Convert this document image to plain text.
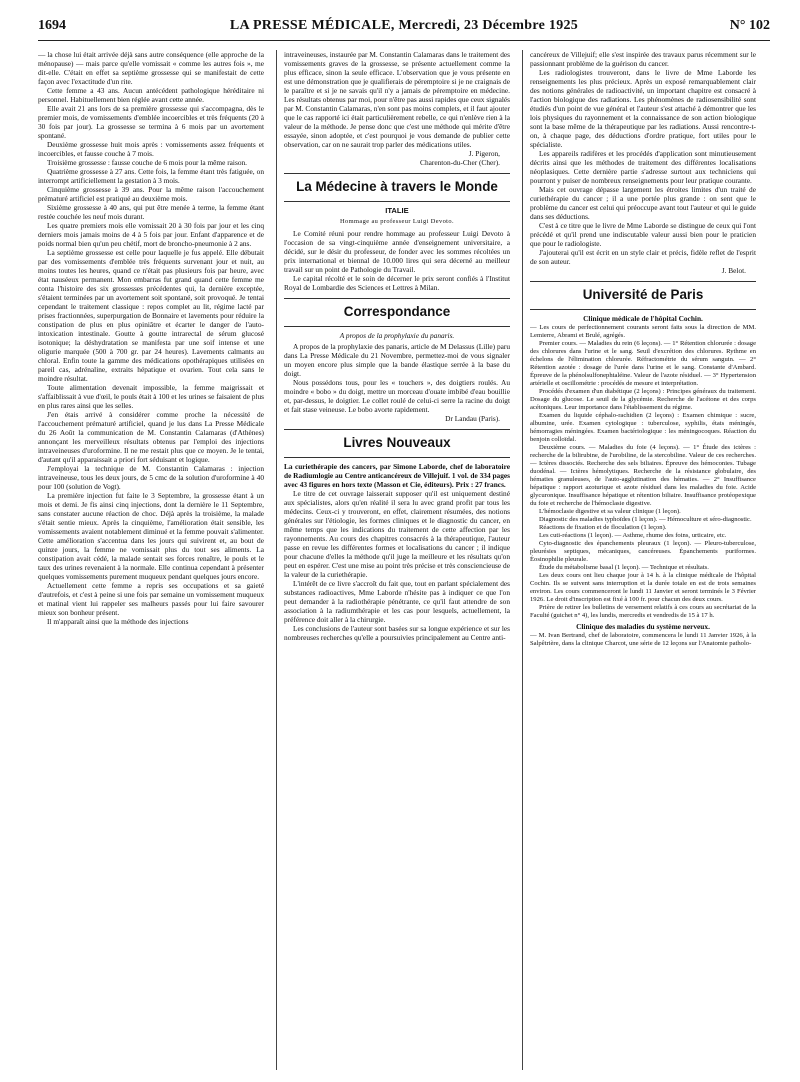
1694	LA PRESSE MÉDICALE, Mercredi, 23 Décembre 1925	N° 102

— la chose lui était arrivée déjà sans autre conséquence (elle approche de la ménopause) — mais parce qu'elle vomissait « comme les autres fois », me dit-elle. C'était en effet sa septième grossesse qui se manifestait de cette façon avec l'exactitude d'un rite.

Cette femme a 43 ans. Aucun antécédent pathologique héréditaire ni personnel. Habituellement bien réglée avant cette année.

Elle avait 21 ans lors de sa première grossesse qui s'accompagna, dès le premier mois, de vomissements d'emblée incoercibles et très fréquents (20 à 30 fois par jour). La grossesse se termina à 6 mois par un avortement spontané.

Deuxième grossesse huit mois après : vomissements assez fréquents et incoercibles, et fausse couche à 7 mois.

Troisième grossesse : fausse couche de 6 mois pour la même raison.

Quatrième grossesse à 27 ans. Cette fois, la femme étant très fatiguée, on interrompt artificiellement la gestation à 3 mois.

Cinquième grossesse à 39 ans. Pour la même raison l'accouchement prématuré artificiel est pratiqué au deuxième mois.

Sixième grossesse à 40 ans, qui put être menée à terme, la femme étant restée couchée les neuf mois durant.

Les quatre premiers mois elle vomissait 20 à 30 fois par jour et les cinq derniers mois jamais moins de 4 à 5 fois par jour. Enfant d'apparence et de poids normal bien qu'un peu chétif, mort de broncho-pneumonie à 2 ans.

La septième grossesse est celle pour laquelle je fus appelé. Elle débutait par des vomissements d'emblée très fréquents survenant jour et nuit, au moins toutes les heures, quand ce n'était pas plusieurs fois par heure, avec état nauséeux permanent. Mon embarras fut grand quand cette femme me conta l'histoire des six grossesses précédentes qui, la dernière exceptée, s'étaient terminées par un avortement soit spontané, soit provoqué. Je tentai cependant le traitement classique : repos complet au lit, régime lacté par prises fractionnées, superpurgation de Bonnaire et lavements pour réduire la constipation de plus en plus opiniâtre et écarter le danger de l'auto-intoxication intestinale. Goutte à goutte intrarectal de sérum glucosé isotonique; la déshydratation se manifesta par une soif intense et une oligurie marquée (500 à 700 gr. par 24 heures). Lavements calmants au chloral. Enfin toute la gamme des médications opothérapiques utilisées en pareil cas, adrénaline, extraits hépatique et ovarien. Tout cela sans le moindre résultat.

Toute alimentation devenait impossible, la femme maigrissait et s'affaiblissait à vue d'œil, le pouls était à 100 et les urines se faisaient de plus en plus rares ainsi que les selles.

J'en étais arrivé à considérer comme proche la nécessité de l'accouchement prématuré artificiel, quand je lus dans La Presse Médicale du 26 Août la communication de M. Constantin Calamaras (d'Athènes) annonçant les merveilleux résultats obtenus par l'emploi des injections intraveineuses d'uroformine. Il ne me restait plus que ce moyen. Je le tentai, d'autant qu'il apparaissait a priori fort séduisant et logique.

J'employai la technique de M. Constantin Calamaras : injection intraveineuse, tous les deux jours, de 5 cmc de la solution d'uroformine à 40 pour 100 (solution de Vogt).

La première injection fut faite le 3 Septembre, la grossesse étant à un mois et demi. Je fis ainsi cinq injections, dont la dernière le 11 Septembre, sans constater aucune réaction de choc. Déjà après la troisième, la malade s'était sentie mieux. Après la cinquième, l'amélioration était sensible, les vomissements avaient notablement diminué et la femme pouvait s'alimenter. Cette amélioration s'accentua dans les jours qui suivirent et, au bout de quinze jours, la femme ne vomissait plus du tout ses aliments. La constipation avait cédé, la malade sentait ses forces renaître, le pouls et le taux des urines revenaient à la normale. Elle continua cependant à présenter quelques vomissements purement muqueux pendant quelques jours encore.

Actuellement cette femme a repris ses occupations et sa gaieté d'autrefois, et c'est à peine si une fois par semaine un vomissement muqueux et matinal vient lui rappeler ses malheurs passés pour lui faire savourer mieux son bonheur présent.

Il m'apparaît ainsi que la méthode des injections

intraveineuses, instaurée par M. Constantin Calamaras dans le traitement des vomissements graves de la grossesse, se présente actuellement comme la plus efficace, sinon la seule efficace. L'observation que je vous présente en est une démonstration que je qualifierais de péremptoire si je ne craignais de le paraître et si je ne savais qu'il n'y a jamais de péremptoire en médecine. Les résultats obtenus par moi, pour n'être pas aussi rapides que ceux signalés par M. Constantin Calamaras, n'en sont pas moins complets, et il faut ajouter que le cas rapporté ici était particulièrement rebelle, ce qui n'enlève rien à la valeur de la méthode. Je pense donc que c'est une méthode qui mérite d'être essayée, sinon adoptée, et c'est pourquoi je vous demande de publier cette observation, car on ne saurait trop parler des médications utiles.

J. Pigeron,

Charenton-du-Cher (Cher).

La Médecine à travers le Monde
ITALIE
Hommage au professeur Luigi Devoto.

Le Comité réuni pour rendre hommage au professeur Luigi Devoto à l'occasion de sa vingt-cinquième année d'enseignement universitaire, a décidé, sur le désir du professeur, de fonder avec les sommes récoltées un prix international et biennal de 10.000 lires qui sera décerné au meilleur travail sur un point de Pathologie du Travail.

Le capital récolté et le soin de décerner le prix seront confiés à l'Institut Royal de Lombardie des Sciences et Lettres à Milan.

Correspondance
A propos de la prophylaxie du panaris.

A propos de la prophylaxie des panaris, article de M Delassus (Lille) paru dans La Presse Médicale du 21 Novembre, permettez-moi de vous signaler un moyen encore plus simple que la bande élastique serrée à la base du doigt.

Nous possédons tous, pour les « touchers », des doigtiers roulés. Au moindre « bobo » du doigt, mettre un morceau d'ouate imbibé d'eau bouillie et, par-dessus, le doigtier. Le collet roulé de celui-ci serre la racine du doigt et fait stase veineuse. Le bobo avorte rapidement.

Dr Landau (Paris).

Livres Nouveaux

La curiethérapie des cancers, par Simone Laborde, chef de laboratoire de Radiumlogie au Centre anticancéreux de Villejuif. 1 vol. de 334 pages avec 43 figures en hors texte (Masson et Cie, éditeurs). Prix : 27 francs.

Le titre de cet ouvrage laisserait supposer qu'il est uniquement destiné aux spécialistes, alors qu'en réalité il sera lu avec grand profit par tous les médecins. Ceux-ci y trouveront, en effet, clairement résumées, des notions générales sur l'étiologie, les formes cliniques et le diagnostic du cancer, en même temps que les indications du traitement de cette affection par les rayonnements. Au cours des chapitres consacrés à la thérapeutique, l'auteur passe en revue les différentes formes et localisations du cancer ; il indique pour chacune d'elles la méthode qu'il juge la meilleure et les résultats qu'on peut en espérer. C'est une mise au point très précise et très consciencieuse de la valeur de la curiethérapie.

L'intérêt de ce livre s'accroît du fait que, tout en parlant spécialement des substances radioactives, Mme Laborde n'hésite pas à indiquer ce que l'on peut demander à la radiothérapie pénétrante, ce qu'il faut attendre de son association à la radiumthérapie et les cas pour lesquels, actuellement, la préférence doit aller à la chirurgie.

Les conclusions de l'auteur sont basées sur sa longue expérience et sur les nombreuses recherches qu'elle a poursuivies principalement au Centre anti-

cancéreux de Villejuif; elle s'est inspirée des travaux parus récemment sur le passionnant problème de la guérison du cancer.

Les radiologistes trouveront, dans le livre de Mme Laborde les renseignements les plus précieux. Après un exposé remarquablement clair des notions générales de radioactivité, un important chapitre est consacré à l'action biologique des radiations. Les phénomènes de radiosensibilité sont étudiés d'un point de vue général et l'auteur s'est attaché à démontrer que les lois physiques du rayonnement et la connaissance de son action biologique sont la base même de la thérapeutique par les radiations. Aussi rencontre-t-on, à chaque page, des déductions d'ordre pratique, fort utiles pour le spécialiste.

Les appareils radifères et les procédés d'application sont minutieusement décrits ainsi que les méthodes de traitement des différentes localisations néoplasiques. Cette dernière partie s'adresse surtout aux techniciens qui pourront y puiser de nombreux renseignements pour leur pratique courante.

Mais cet ouvrage dépasse largement les étroites limites d'un traité de curiethérapie du cancer ; il a une portée plus grande : on sent que le problème du cancer est celui qui préoccupe avant tout l'auteur et qui le guide dans ses déductions.

C'est à ce titre que le livre de Mme Laborde se distingue de ceux qui l'ont précédé et qu'il prend une indiscutable valeur aussi bien pour le praticien que pour le radiologiste.

J'ajouterai qu'il est écrit en un style clair et précis, fidèle reflet de l'esprit de son auteur.

J. Belot.

Université de Paris
Clinique médicale de l'hôpital Cochin.

— Les cours de perfectionnement courants seront faits sous la direction de MM. Lemierre, Abrami et Brulé, agrégés.

Premier cours. — Maladies du rein (6 leçons). — 1° Rétention chlorurée : dosage des chlorures dans l'urine et le sang. Seuil d'excrétion des chlorures. Rythme en échelons de l'élimination chlorurée. Réfractométrie du sérum sanguin. — 2° Rétention azotée : dosage de l'urée dans l'urine et le sang. Constante d'Ambard. Épreuve de la phénolsulfonephtaléine. Valeur de l'azote résiduel. — 3° Hypertension artérielle et oscillométrie : procédés de mesure et interprétation.

Procédés d'examen d'un diabétique (2 leçons) : Principes généraux du traitement. Dosage du glucose. Le seuil de la glycémie. Recherche de l'acétone et des corps acétoniques. Leur importance dans l'établissement du régime.

Examen du liquide céphalo-rachidien (2 leçons) : Examen chimique : sucre, albumine, urée. Examen cytologique : tuberculose, syphilis, états méningés, hémorragies méningées. Examen bactériologique : les méningocoques. Réaction du benjoin colloïdal.

Deuxième cours. — Maladies du foie (4 leçons). — 1° Étude des ictères : recherche de la bilirubine, de l'urobiline, de la stercobiline. Valeur de ces recherches. — Ictères dissociés. Recherche des sels biliaires. Épreuve des hémoconies. Tubage duodénal. — Ictères hémolytiques. Recherche de la résistance globulaire, des hématies granuleuses, de l'auto-agglutination des hématies. — 2° Insuffisance hépatique : rapport azoturique et azote résiduel dans les maladies du foie. Acide glycuronique. Insuffisance hépatique et rétention biliaire. Insuffisance protéopexique du foie et recherche de l'hémoclasie digestive.

L'hémoclasie digestive et sa valeur clinique (1 leçon).

Diagnostic des maladies typhoïdes (1 leçon). — Hémoculture et séro-diagnostic.

Réactions de fixation et de floculation (1 leçon).

Les cuti-réactions (1 leçon). — Asthme, rhume des foins, urticaire, etc.

Cyto-diagnostic des épanchements pleuraux (1 leçon). — Pleuro-tuberculose, pleurésies septiques, mécaniques, cancéreuses. Épanchements puriformes. Éosinophilie pleurale.

Étude du métabolisme basal (1 leçon). — Technique et résultats.

Les deux cours ont lieu chaque jour à 14 h. à la clinique médicale de l'hôpital Cochin. Ils se suivent sans interruption et la durée totale en est de trois semaines environ. Les cours commenceront le lundi 11 Janvier et seront terminés le 3 Février 1926. Le droit d'inscription est fixé à 100 fr. pour chacun des deux cours.

Prière de retirer les bulletins de versement relatifs à ces cours au secrétariat de la Faculté (guichet n° 4), les lundis, mercredis et vendredis de 15 à 17 h.

Clinique des maladies du système nerveux.

— M. Ivan Bertrand, chef de laboratoire, commencera le lundi 11 Janvier 1926, à la Salpêtrière, dans la clinique Charcot, une série de 12 leçons sur l'Anatomie patholo-
